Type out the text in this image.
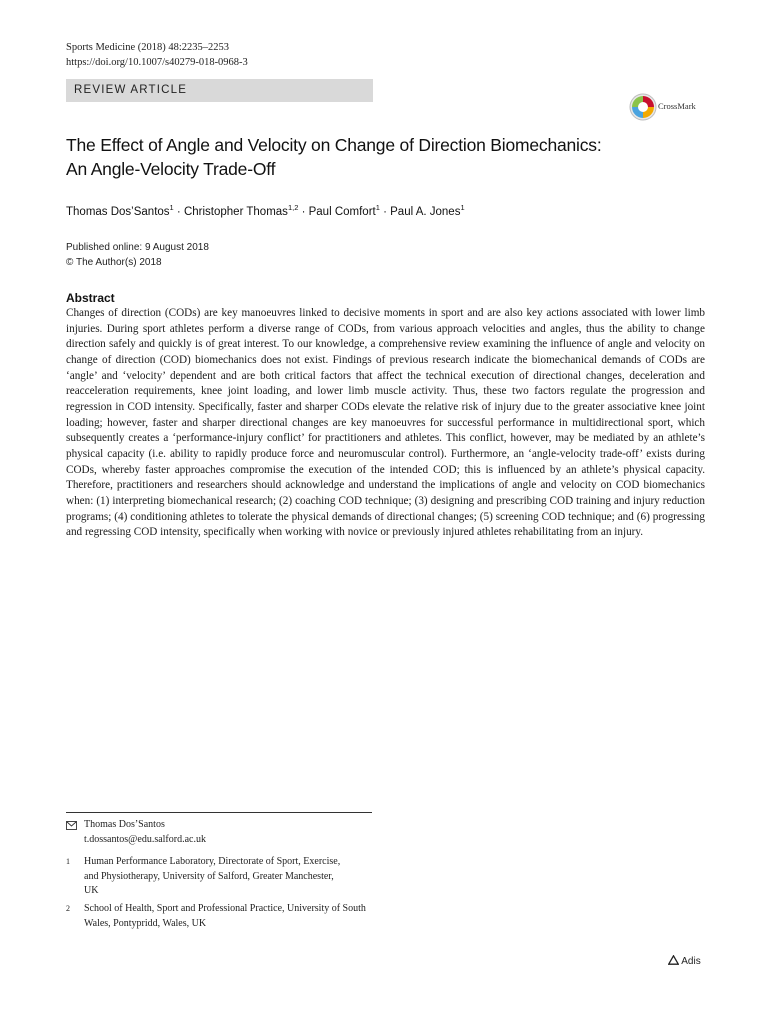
Sports Medicine (2018) 48:2235–2253
https://doi.org/10.1007/s40279-018-0968-3
REVIEW ARTICLE
CrossMark
The Effect of Angle and Velocity on Change of Direction Biomechanics:
An Angle-Velocity Trade-Off
Thomas Dos’Santos$^1$ · Christopher Thomas$^{1,2}$ · Paul Comfort$^1$ · Paul A. Jones$^1$
Published online: 9 August 2018
© The Author(s) 2018
Abstract
Changes of direction (CODs) are key manoeuvres linked to decisive moments in sport and are also key actions associated with lower limb injuries. During sport athletes perform a diverse range of CODs, from various approach velocities and angles, thus the ability to change direction safely and quickly is of great interest. To our knowledge, a comprehensive review examining the influence of angle and velocity on change of direction (COD) biomechanics does not exist. Findings of previous research indicate the biomechanical demands of CODs are ‘angle’ and ‘velocity’ dependent and are both critical factors that affect the technical execution of directional changes, deceleration and reacceleration requirements, knee joint loading, and lower limb muscle activity. Thus, these two factors regulate the progression and regression in COD intensity. Specifically, faster and sharper CODs elevate the relative risk of injury due to the greater associative knee joint loading; however, faster and sharper directional changes are key manoeuvres for successful performance in multidirectional sport, which subsequently creates a ‘performance-injury conflict’ for practitioners and athletes. This conflict, however, may be mediated by an athlete’s physical capacity (i.e. ability to rapidly produce force and neuromuscular control). Furthermore, an ‘angle-velocity trade-off’ exists during CODs, whereby faster approaches compromise the execution of the intended COD; this is influenced by an athlete’s physical capacity. Therefore, practitioners and researchers should acknowledge and understand the implications of angle and velocity on COD biomechanics when: (1) interpreting biomechanical research; (2) coaching COD technique; (3) designing and prescribing COD training and injury reduction programs; (4) conditioning athletes to tolerate the physical demands of directional changes; (5) screening COD technique; and (6) progressing and regressing COD intensity, specifically when working with novice or previously injured athletes rehabilitating from an injury.
Thomas Dos’Santos
t.dossantos@edu.salford.ac.uk
1 Human Performance Laboratory, Directorate of Sport, Exercise, and Physiotherapy, University of Salford, Greater Manchester, UK
2 School of Health, Sport and Professional Practice, University of South Wales, Pontypridd, Wales, UK
Adis
